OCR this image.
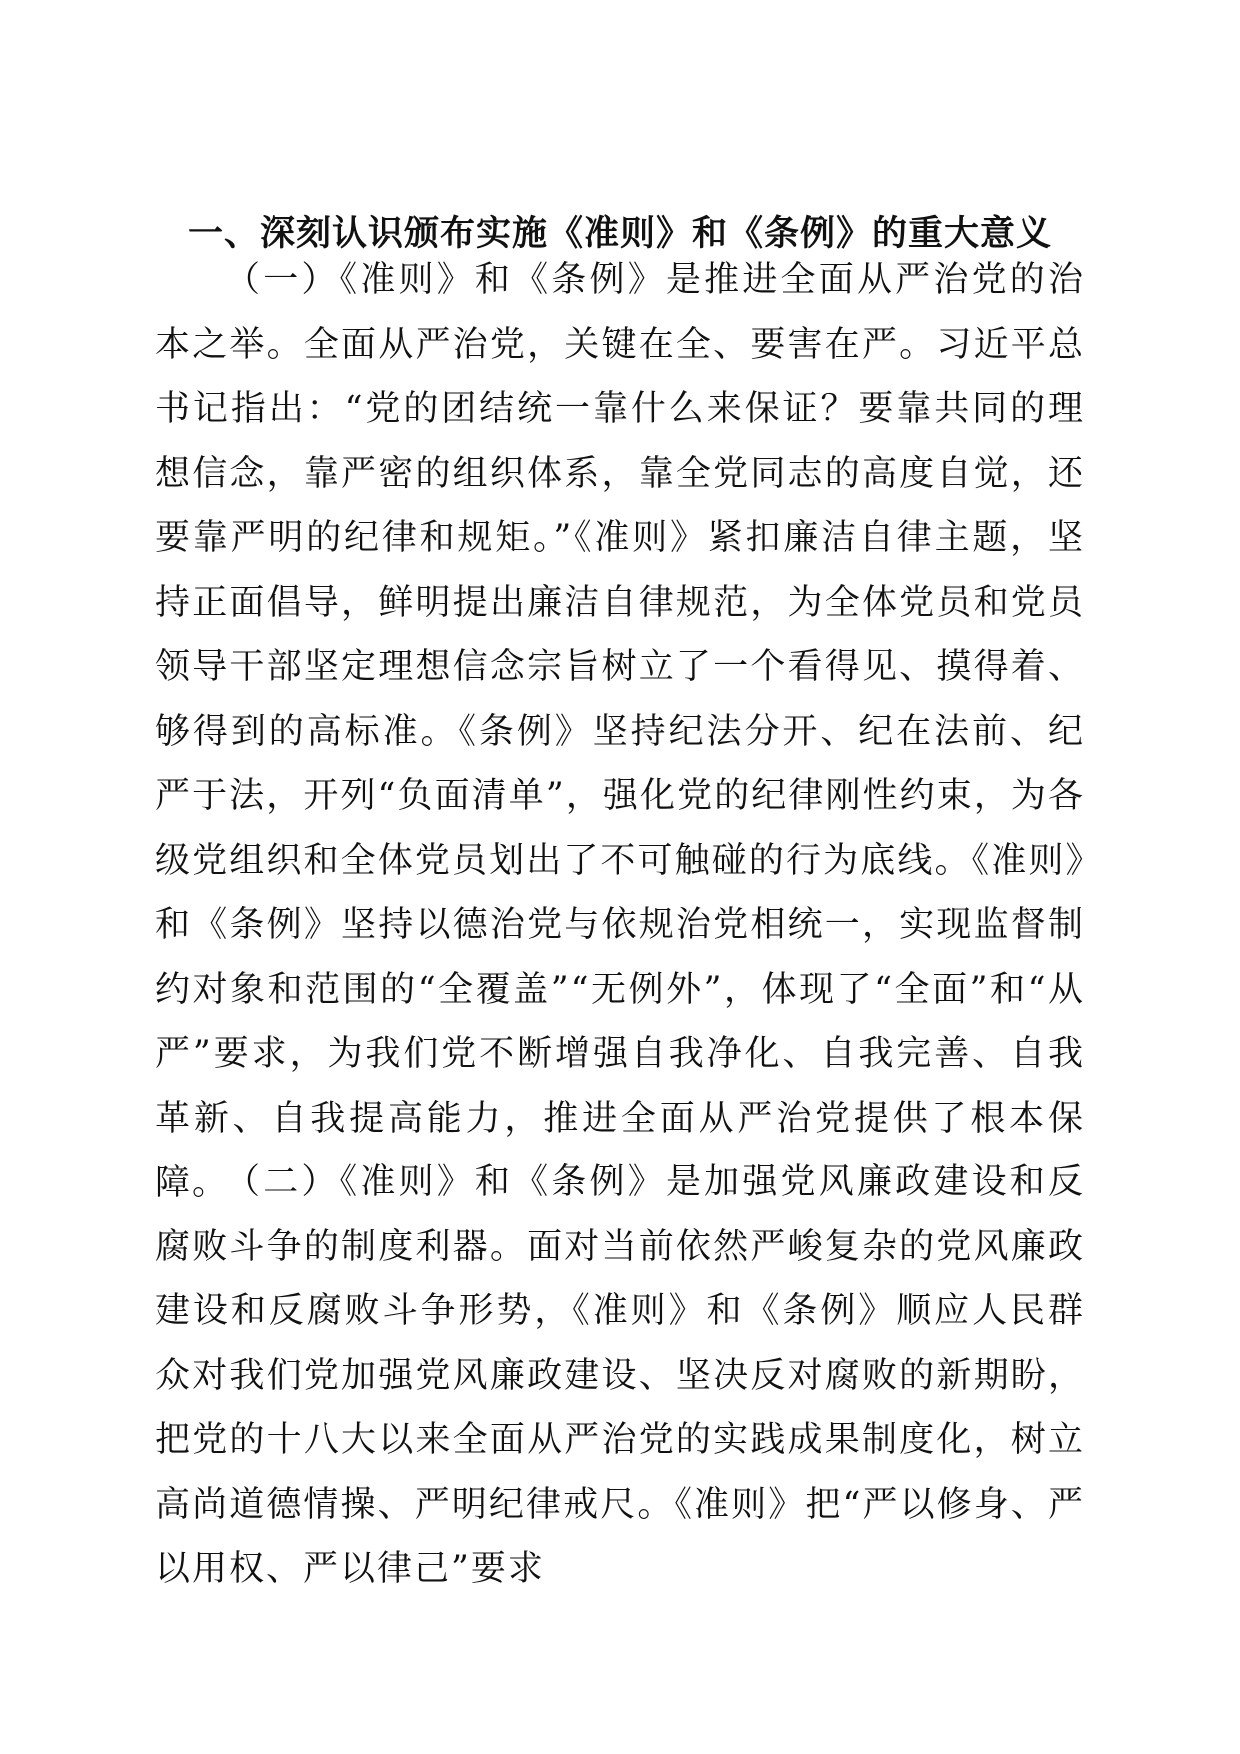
一、深刻认识颁布实施《准则》和《条例》的重大意义

（一）《准则》和《条例》是推进全面从严治党的治本之举。全面从严治党，关键在全、要害在严。习近平总书记指出：“党的团结统一靠什么来保证？要靠共同的理想信念，靠严密的组织体系，靠全党同志的高度自觉，还要靠严明的纪律和规矩。”《准则》紧扣廉洁自律主题，坚持正面倡导，鲜明提出廉洁自律规范，为全体党员和党员领导干部坚定理想信念宗旨树立了一个看得见、摸得着、够得到的高标准。《条例》坚持纪法分开、纪在法前、纪严于法，开列“负面清单”，强化党的纪律刚性约束，为各级党组织和全体党员划出了不可触碰的行为底线。《准则》和《条例》坚持以德治党与依规治党相统一，实现监督制约对象和范围的“全覆盖”“无例外”，体现了“全面”和“从严”要求，为我们党不断增强自我净化、自我完善、自我革新、自我提高能力，推进全面从严治党提供了根本保障。

（二）《准则》和《条例》是加强党风廉政建设和反腐败斗争的制度利器。面对当前依然严峻复杂的党风廉政建设和反腐败斗争形势，《准则》和《条例》顺应人民群众对我们党加强党风廉政建设、坚决反对腐败的新期盼，把党的十八大以来全面从严治党的实践成果制度化，树立高尚道德情操、严明纪律戒尺。《准则》把“严以修身、严以用权、严以律己”要求
